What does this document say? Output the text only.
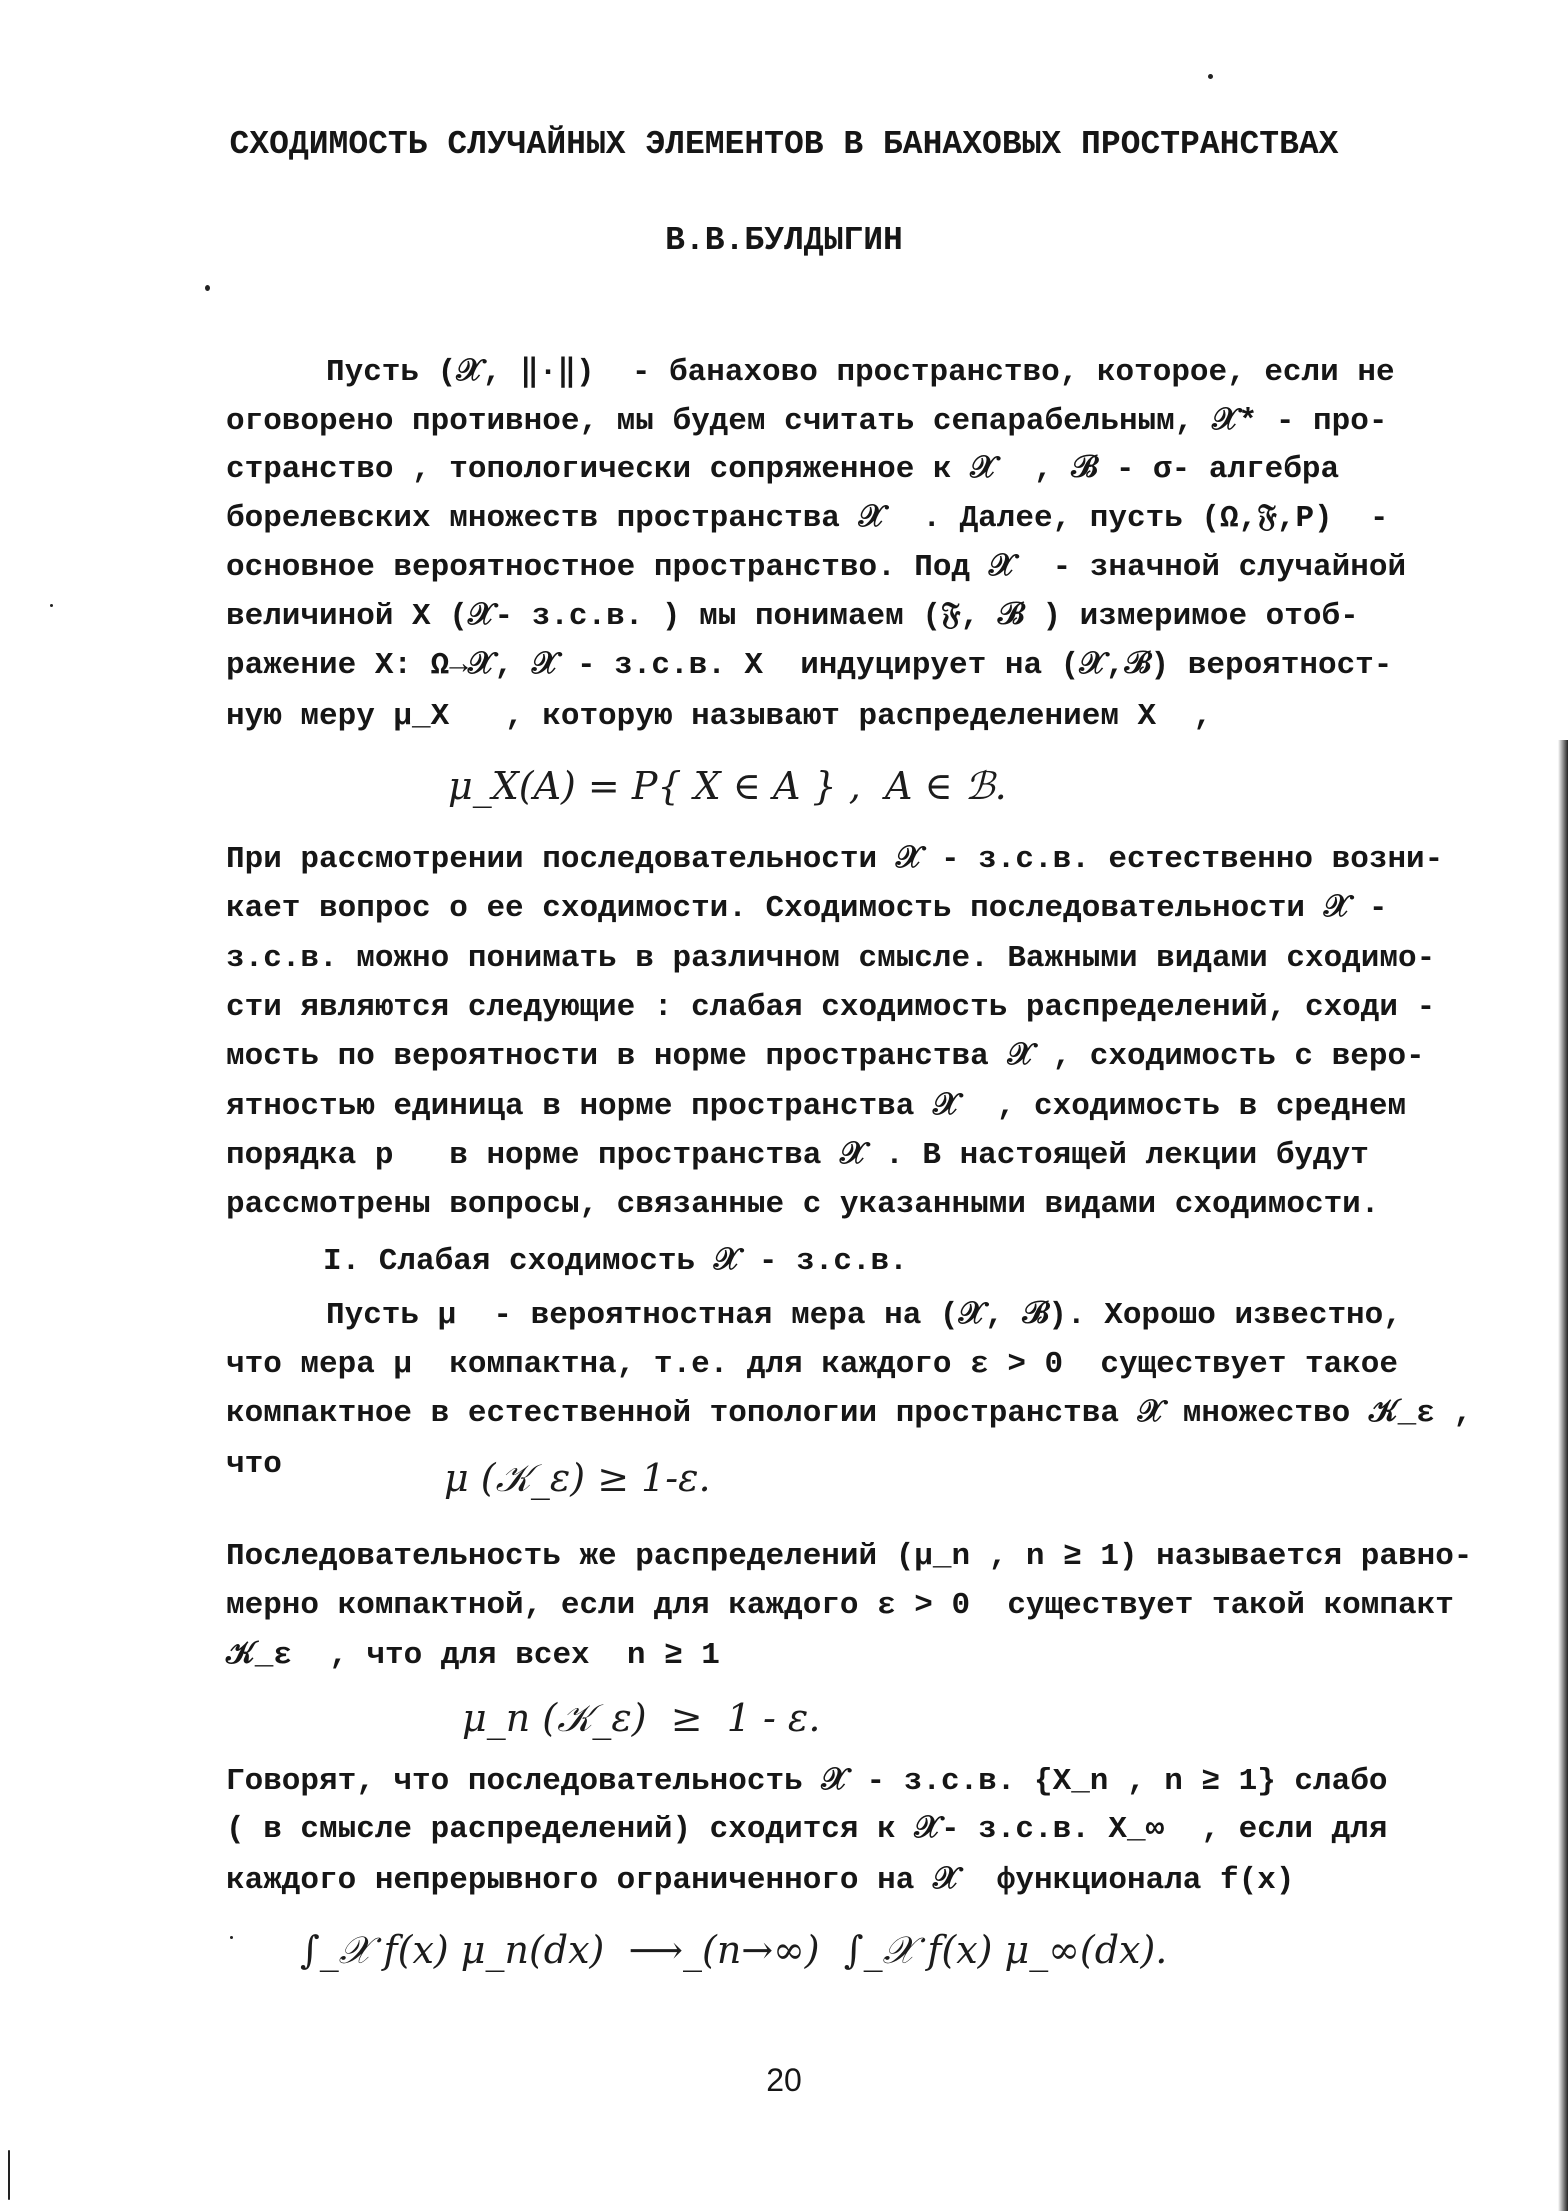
СХОДИМОСТЬ СЛУЧАЙНЫХ ЭЛЕМЕНТОВ В БАНАХОВЫХ ПРОСТРАНСТВАХ
В.В.БУЛДЫГИН
Пусть (𝒳, ‖·‖)  - банахово пространство, которое, если не
оговорено противное, мы будем считать сепарабельным, 𝒳* - про-
странство , топологически сопряженное к 𝒳  , ℬ - σ- алгебра
борелевских множеств пространства 𝒳  . Далее, пусть (Ω,𝔉,P)  -
основное вероятностное пространство. Под 𝒳  - значной случайной
величиной X (𝒳- з.с.в. ) мы понимаем (𝔉, ℬ ) измеримое отоб-
ражение X: Ω→𝒳, 𝒳 - з.с.в. X  индуцирует на (𝒳,ℬ) вероятност-
ную меру μ_X   , которую называют распределением X  ,
μ_X(A) = P{ X ∈ A } ,  A ∈ ℬ.
При рассмотрении последовательности 𝒳 - з.с.в. естественно возни-
кает вопрос о ее сходимости. Сходимость последовательности 𝒳 -
з.с.в. можно понимать в различном смысле. Важными видами сходимо-
сти являются следующие : слабая сходимость распределений, сходи -
мость по вероятности в норме пространства 𝒳 , сходимость с веро-
ятностью единица в норме пространства 𝒳  , сходимость в среднем
порядка p   в норме пространства 𝒳 . В настоящей лекции будут
рассмотрены вопросы, связанные с указанными видами сходимости.
I. Слабая сходимость 𝒳 - з.с.в.
Пусть μ  - вероятностная мера на (𝒳, ℬ). Хорошо известно,
что мера μ  компактна, т.е. для каждого ε > 0  существует такое
компактное в естественной топологии пространства 𝒳 множество 𝒦_ε ,
что	μ (𝒦_ε) ≥ 1-ε.
Последовательность же распределений (μ_n , n ≥ 1) называется равно-
мерно компактной, если для каждого ε > 0  существует такой компакт
𝒦_ε  , что для всех  n ≥ 1
μ_n (𝒦_ε)  ≥  1 - ε.
Говорят, что последовательность 𝒳 - з.с.в. {X_n , n ≥ 1} слабо
( в смысле распределений) сходится к 𝒳- з.с.в. X_∞  , если для
каждого непрерывного ограниченного на 𝒳  функционала f(x)
∫_𝒳 f(x) μ_n(dx)  ⟶_(n→∞)  ∫_𝒳 f(x) μ_∞(dx).
20
